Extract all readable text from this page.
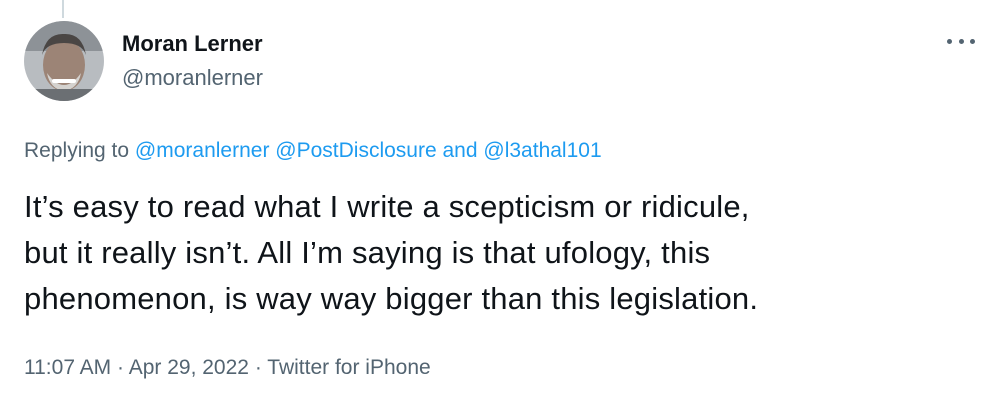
Moran Lerner
@moranlerner
Replying to @moranlerner @PostDisclosure and @l3athal101
It’s easy to read what I write a scepticism or ridicule,
but it really isn’t. All I’m saying is that ufology, this
phenomenon, is way way bigger than this legislation.
11:07 AM · Apr 29, 2022 · Twitter for iPhone
